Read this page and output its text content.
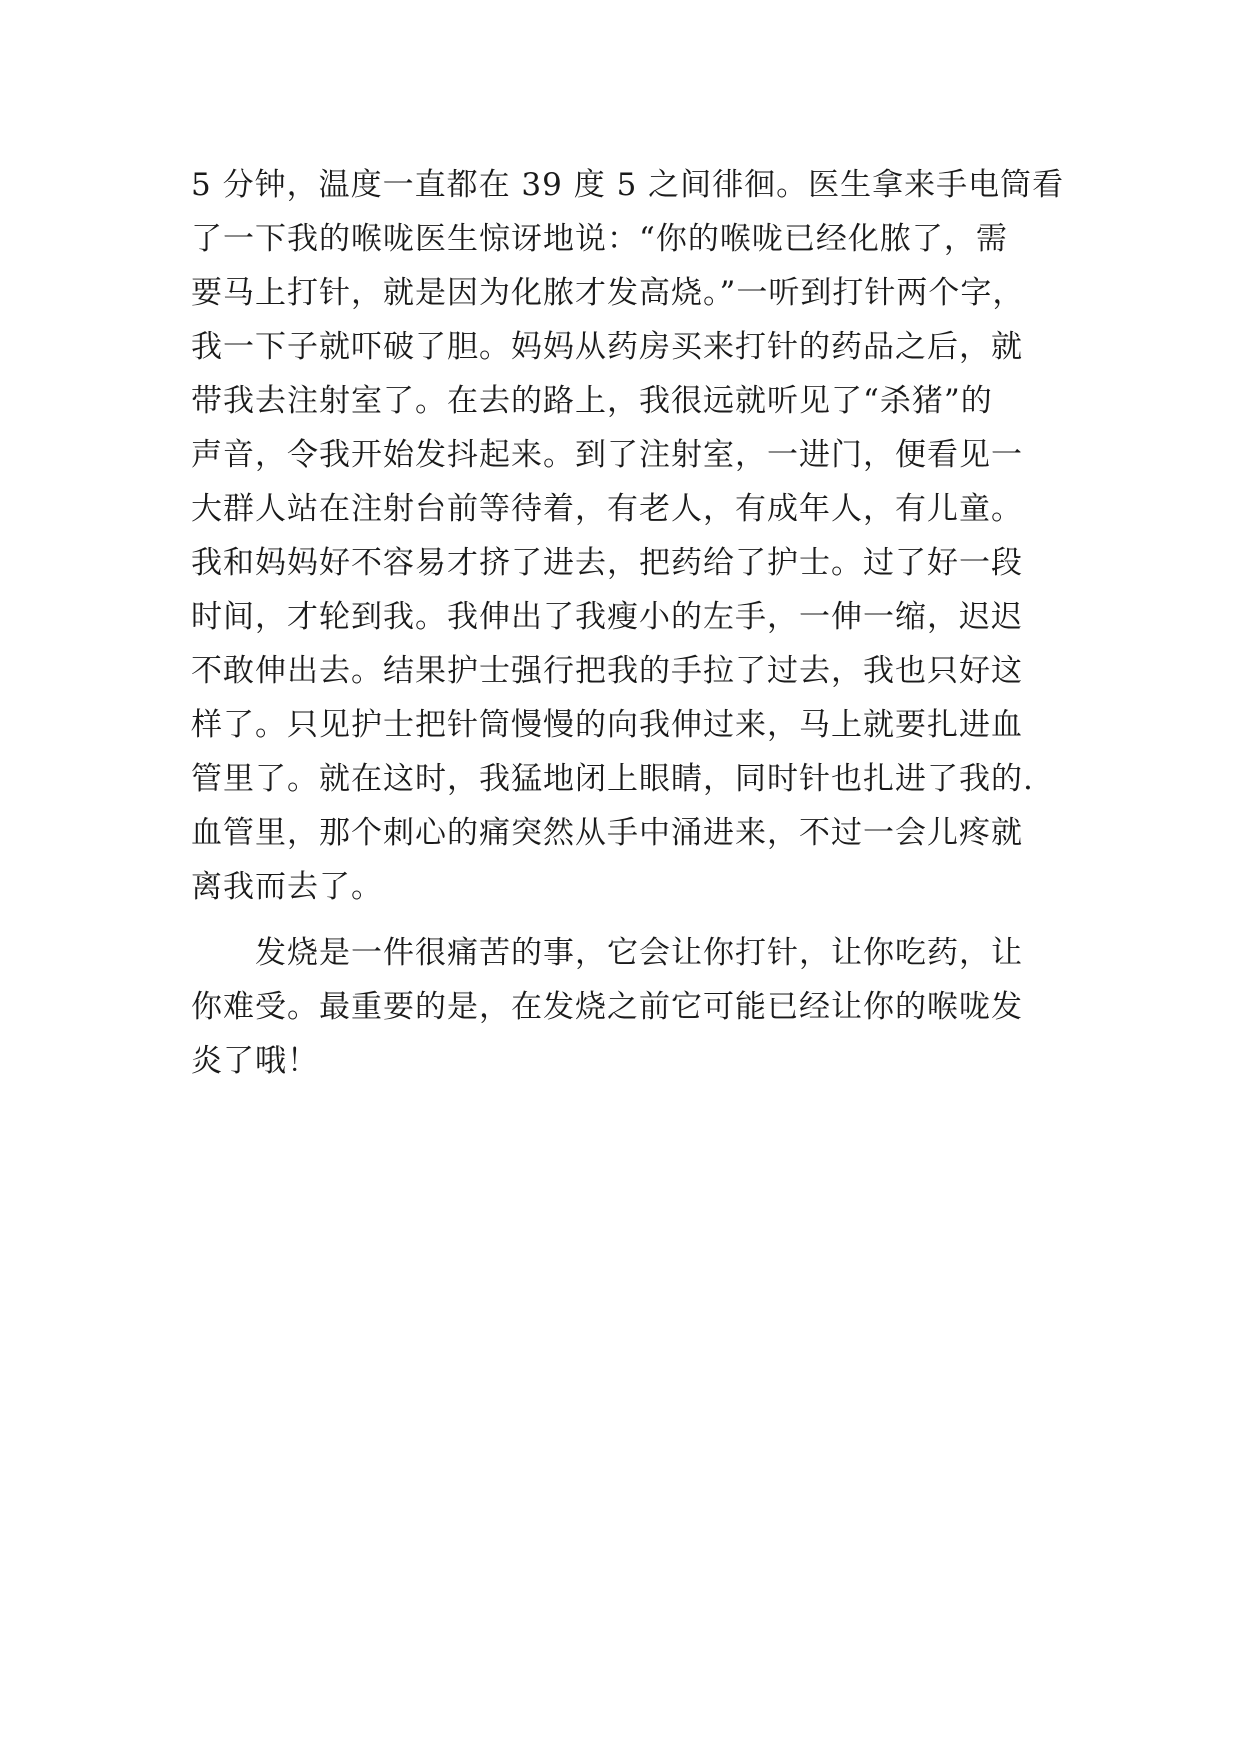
5 分钟，温度一直都在 39 度 5 之间徘徊。医生拿来手电筒看
了一下我的喉咙医生惊讶地说：“你的喉咙已经化脓了，需
要马上打针，就是因为化脓才发高烧。”一听到打针两个字，
我一下子就吓破了胆。妈妈从药房买来打针的药品之后，就
带我去注射室了。在去的路上，我很远就听见了“杀猪”的
声音，令我开始发抖起来。到了注射室，一进门，便看见一
大群人站在注射台前等待着，有老人，有成年人，有儿童。
我和妈妈好不容易才挤了进去，把药给了护士。过了好一段
时间，才轮到我。我伸出了我瘦小的左手，一伸一缩，迟迟
不敢伸出去。结果护士强行把我的手拉了过去，我也只好这
样了。只见护士把针筒慢慢的向我伸过来，马上就要扎进血
管里了。就在这时，我猛地闭上眼睛，同时针也扎进了我的.
血管里，那个刺心的痛突然从手中涌进来，不过一会儿疼就
离我而去了。
　　发烧是一件很痛苦的事，它会让你打针，让你吃药，让
你难受。最重要的是，在发烧之前它可能已经让你的喉咙发
炎了哦！
